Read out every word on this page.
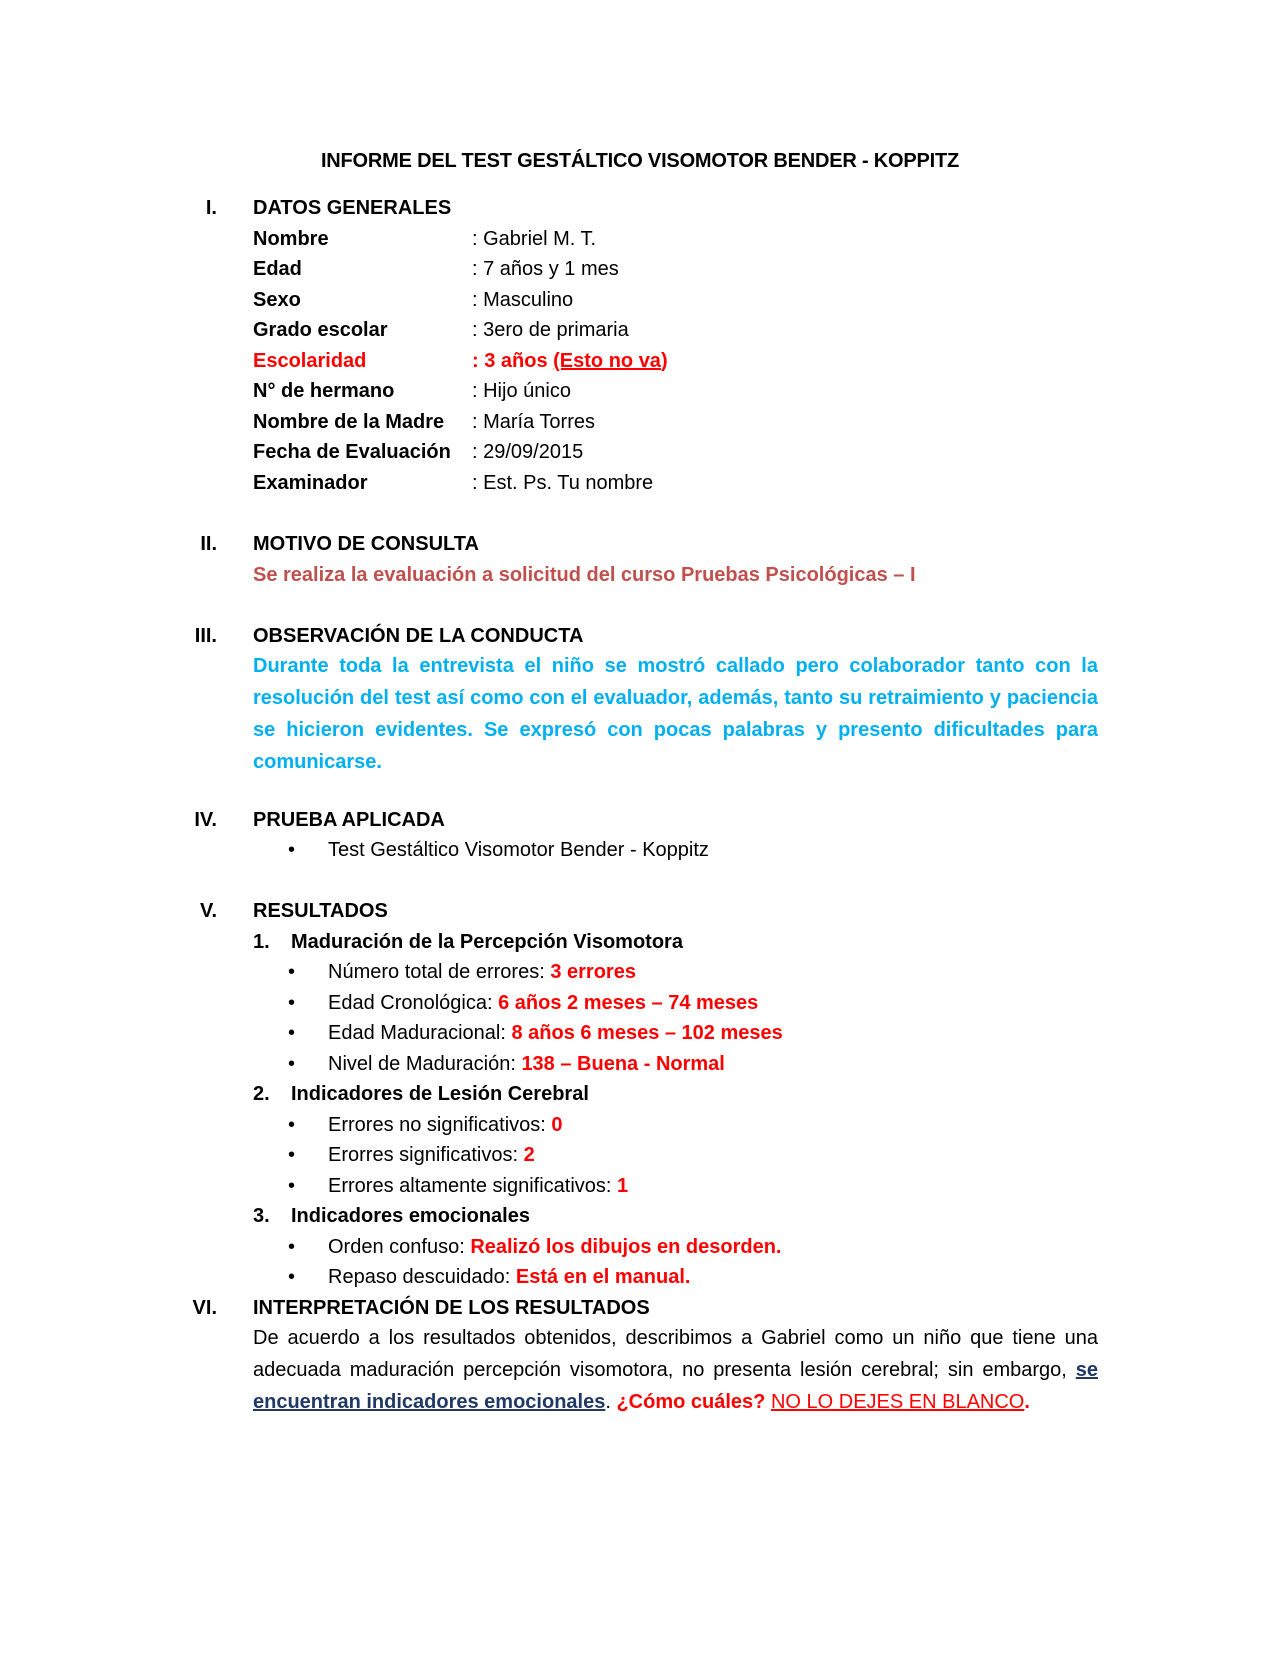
INFORME DEL TEST GESTÁLTICO VISOMOTOR BENDER - KOPPITZ
I. DATOS GENERALES
Nombre	: Gabriel M. T.
Edad	: 7 años y 1 mes
Sexo	: Masculino
Grado escolar	: 3ero de primaria
Escolaridad	: 3 años (Esto no va)
N° de hermano	: Hijo único
Nombre de la Madre : María Torres
Fecha de Evaluación : 29/09/2015
Examinador	: Est. Ps. Tu nombre
II. MOTIVO DE CONSULTA
Se realiza la evaluación a solicitud del curso Pruebas Psicológicas – I
III. OBSERVACIÓN DE LA CONDUCTA
Durante toda la entrevista el niño se mostró callado pero colaborador tanto con la resolución del test así como con el evaluador, además, tanto su retraimiento y paciencia se hicieron evidentes. Se expresó con pocas palabras y presento dificultades para comunicarse.
IV. PRUEBA APLICADA
• Test Gestáltico Visomotor Bender - Koppitz
V. RESULTADOS
1. Maduración de la Percepción Visomotora
• Número total de errores: 3 errores
• Edad Cronológica: 6 años 2 meses – 74 meses
• Edad Maduracional: 8 años 6 meses – 102 meses
• Nivel de Maduración: 138 – Buena - Normal
2. Indicadores de Lesión Cerebral
• Errores no significativos: 0
• Erorres significativos: 2
• Errores altamente significativos: 1
3. Indicadores emocionales
• Orden confuso: Realizó los dibujos en desorden.
• Repaso descuidado: Está en el manual.
VI. INTERPRETACIÓN DE LOS RESULTADOS
De acuerdo a los resultados obtenidos, describimos a Gabriel como un niño que tiene una adecuada maduración percepción visomotora, no presenta lesión cerebral; sin embargo, se encuentran indicadores emocionales. ¿Cómo cuáles? NO LO DEJES EN BLANCO.
